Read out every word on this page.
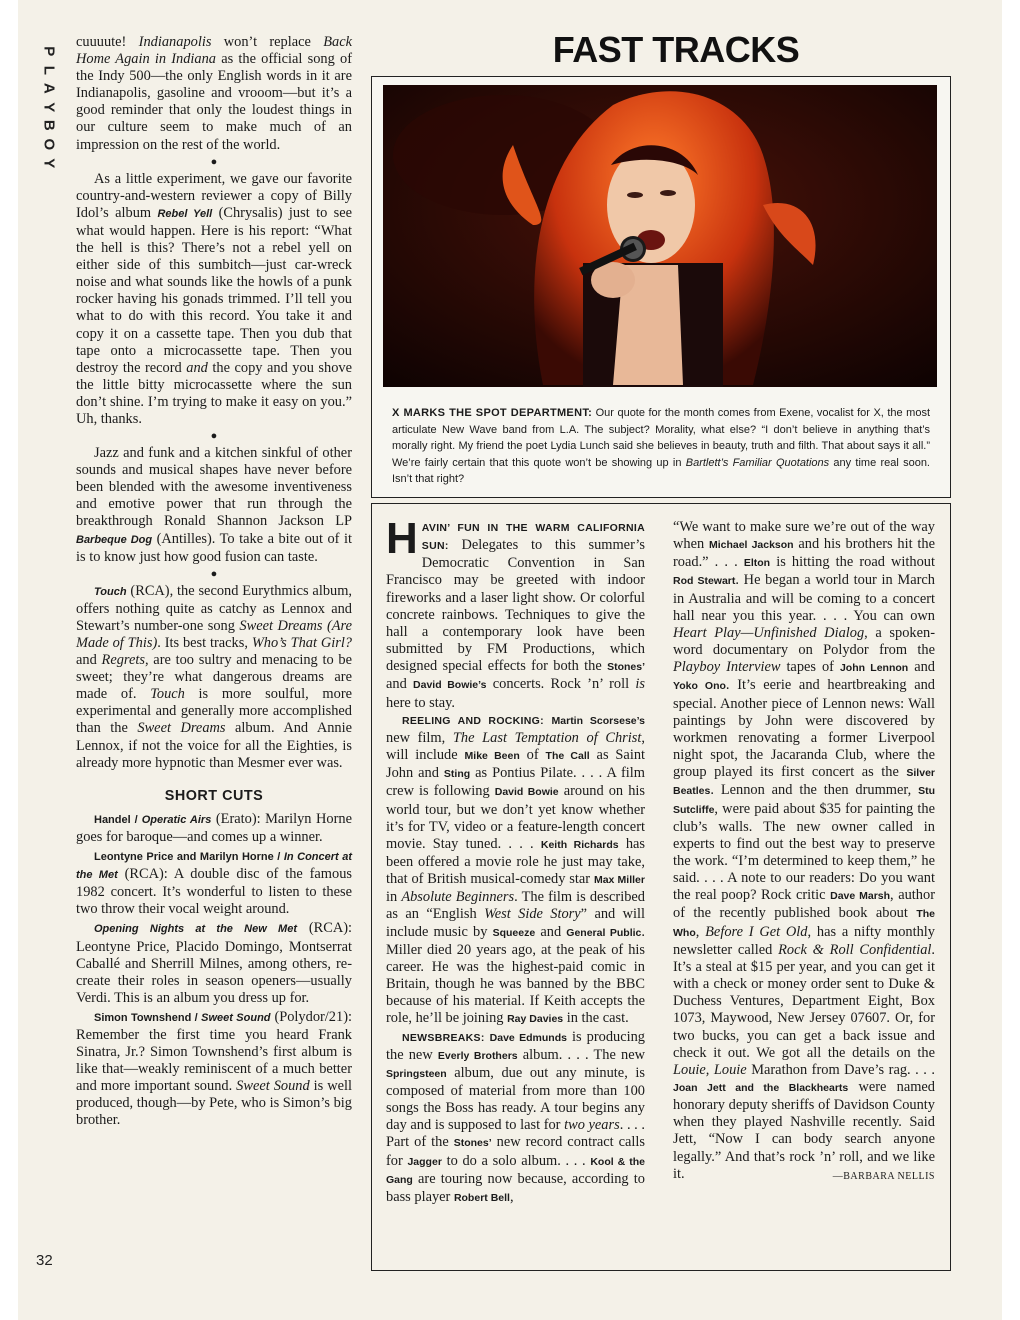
P
L
A
Y
B
O
Y
32

cuuuute! Indianapolis won’t replace Back Home Again in Indiana as the official song of the Indy 500—the only English words in it are Indianapolis, gasoline and vrooom—but it’s a good reminder that only the loudest things in our culture seem to make much of an impression on the rest of the world.

●

As a little experiment, we gave our favorite country-and-western reviewer a copy of Billy Idol’s album Rebel Yell (Chrysalis) just to see what would happen. Here is his report: “What the hell is this? There’s not a rebel yell on either side of this sumbitch—just car-wreck noise and what sounds like the howls of a punk rocker having his gonads trimmed. I’ll tell you what to do with this record. You take it and copy it on a cassette tape. Then you dub that tape onto a microcassette tape. Then you destroy the record and the copy and you shove the little bitty microcassette where the sun don’t shine. I’m trying to make it easy on you.” Uh, thanks.

●

Jazz and funk and a kitchen sinkful of other sounds and musical shapes have never before been blended with the awesome inventiveness and emotive power that run through the breakthrough Ronald Shannon Jackson LP Barbeque Dog (Antilles). To take a bite out of it is to know just how good fusion can taste.

●

Touch (RCA), the second Eurythmics album, offers nothing quite as catchy as Lennox and Stewart’s number-one song Sweet Dreams (Are Made of This). Its best tracks, Who’s That Girl? and Regrets, are too sultry and menacing to be sweet; they’re what dangerous dreams are made of. Touch is more soulful, more experimental and generally more accomplished than the Sweet Dreams album. And Annie Lennox, if not the voice for all the Eighties, is already more hypnotic than Mesmer ever was.

SHORT CUTS

Handel / Operatic Airs (Erato): Marilyn Horne goes for baroque—and comes up a winner.

Leontyne Price and Marilyn Horne / In Concert at the Met (RCA): A double disc of the famous 1982 concert. It’s wonderful to listen to these two throw their vocal weight around.

Opening Nights at the New Met (RCA): Leontyne Price, Placido Domingo, Montserrat Caballé and Sherrill Milnes, among others, re-create their roles in season openers—usually Verdi. This is an album you dress up for.

Simon Townshend / Sweet Sound (Polydor/21): Remember the first time you heard Frank Sinatra, Jr.? Simon Townshend’s first album is like that—weakly reminiscent of a much better and more important sound. Sweet Sound is well produced, though—by Pete, who is Simon’s big brother.

FAST TRACKS
X MARKS THE SPOT DEPARTMENT: Our quote for the month comes from Exene, vocalist for X, the most articulate New Wave band from L.A. The subject? Morality, what else? “I don’t believe in anything that’s morally right. My friend the poet Lydia Lunch said she believes in beauty, truth and filth. That about says it all.” We’re fairly certain that this quote won’t be showing up in Bartlett’s Familiar Quotations any time real soon. Isn’t that right?

HAVIN’ FUN IN THE WARM CALIFORNIA SUN: Delegates to this summer’s Democratic Convention in San Francisco may be greeted with indoor fireworks and a laser light show. Or colorful concrete rainbows. Techniques to give the hall a contemporary look have been submitted by FM Productions, which designed special effects for both the Stones’ and David Bowie’s concerts. Rock ’n’ roll is here to stay.

REELING AND ROCKING: Martin Scorsese’s new film, The Last Temptation of Christ, will include Mike Been of The Call as Saint John and Sting as Pontius Pilate. . . . A film crew is following David Bowie around on his world tour, but we don’t yet know whether it’s for TV, video or a feature-length concert movie. Stay tuned. . . . Keith Richards has been offered a movie role he just may take, that of British musical-comedy star Max Miller in Absolute Beginners. The film is described as an “English West Side Story” and will include music by Squeeze and General Public. Miller died 20 years ago, at the peak of his career. He was the highest-paid comic in Britain, though he was banned by the BBC because of his material. If Keith accepts the role, he’ll be joining Ray Davies in the cast.

NEWSBREAKS: Dave Edmunds is producing the new Everly Brothers album. . . . The new Springsteen album, due out any minute, is composed of material from more than 100 songs the Boss has ready. A tour begins any day and is supposed to last for two years. . . . Part of the Stones’ new record contract calls for Jagger to do a solo album. . . . Kool & the Gang are touring now because, according to bass player Robert Bell,

“We want to make sure we’re out of the way when Michael Jackson and his brothers hit the road.” . . . Elton is hitting the road without Rod Stewart. He began a world tour in March in Australia and will be coming to a concert hall near you this year. . . . You can own Heart Play—Unfinished Dialog, a spoken-word documentary on Polydor from the Playboy Interview tapes of John Lennon and Yoko Ono. It’s eerie and heartbreaking and special. Another piece of Lennon news: Wall paintings by John were discovered by workmen renovating a former Liverpool night spot, the Jacaranda Club, where the group played its first concert as the Silver Beatles. Lennon and the then drummer, Stu Sutcliffe, were paid about $35 for painting the club’s walls. The new owner called in experts to find out the best way to preserve the work. “I’m determined to keep them,” he said. . . . A note to our readers: Do you want the real poop? Rock critic Dave Marsh, author of the recently published book about The Who, Before I Get Old, has a nifty monthly newsletter called Rock & Roll Confidential. It’s a steal at $15 per year, and you can get it with a check or money order sent to Duke & Duchess Ventures, Department Eight, Box 1073, Maywood, New Jersey 07607. Or, for two bucks, you can get a back issue and check it out. We got all the details on the Louie, Louie Marathon from Dave’s rag. . . . Joan Jett and the Blackhearts were named honorary deputy sheriffs of Davidson County when they played Nashville recently. Said Jett, “Now I can body search anyone legally.” And that’s rock ’n’ roll, and we like it.	—BARBARA NELLIS
